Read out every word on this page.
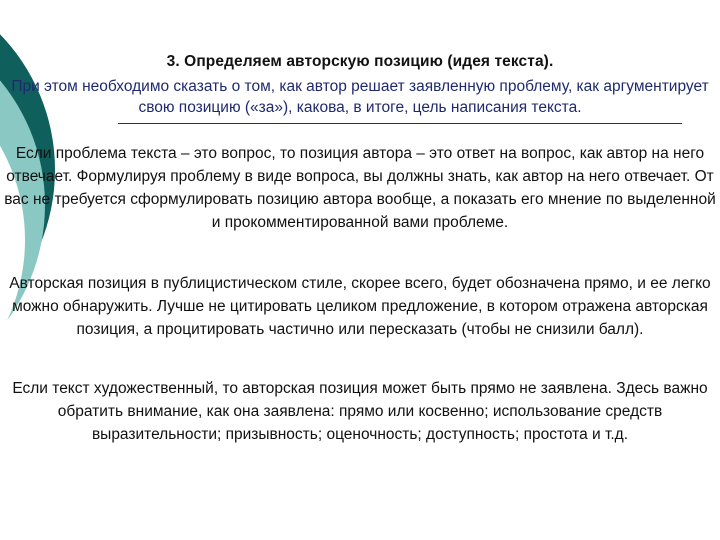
3. Определяем авторскую позицию (идея текста).
При этом необходимо сказать о том, как автор решает заявленную проблему, как аргументирует свою позицию («за»), какова, в итоге, цель написания текста.
Если проблема текста – это вопрос, то позиция автора – это ответ на вопрос, как автор на него отвечает. Формулируя проблему в виде вопроса, вы должны знать, как автор на него отвечает. От вас не требуется сформулировать позицию автора вообще, а показать его мнение по выделенной и прокомментированной вами проблеме.
Авторская позиция в публицистическом стиле, скорее всего, будет обозначена прямо, и ее легко можно обнаружить. Лучше не цитировать целиком предложение, в котором отражена авторская позиция, а процитировать частично или пересказать (чтобы не снизили балл).
Если текст художественный, то авторская позиция может быть прямо не заявлена. Здесь важно обратить внимание, как она заявлена: прямо или косвенно; использование средств выразительности; призывность; оценочность; доступность; простота и т.д.
